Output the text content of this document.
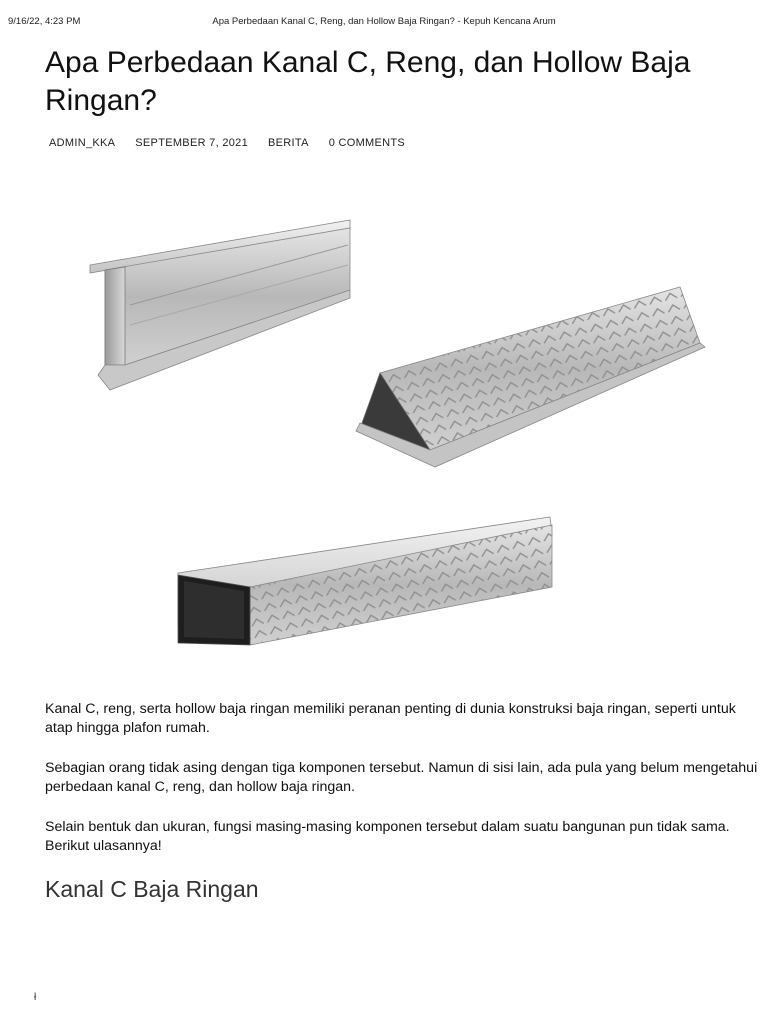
9/16/22, 4:23 PM	Apa Perbedaan Kanal C, Reng, dan Hollow Baja Ringan? - Kepuh Kencana Arum
Apa Perbedaan Kanal C, Reng, dan Hollow Baja Ringan?
ADMIN_KKA SEPTEMBER 7, 2021 BERITA 0 COMMENTS

Kanal C, reng, serta hollow baja ringan memiliki peranan penting di dunia konstruksi baja ringan, seperti untuk atap hingga plafon rumah.

Sebagian orang tidak asing dengan tiga komponen tersebut. Namun di sisi lain, ada pula yang belum mengetahui perbedaan kanal C, reng, dan hollow baja ringan.

Selain bentuk dan ukuran, fungsi masing-masing komponen tersebut dalam suatu bangunan pun tidak sama. Berikut ulasannya!

Kanal C Baja Ringan
ł
